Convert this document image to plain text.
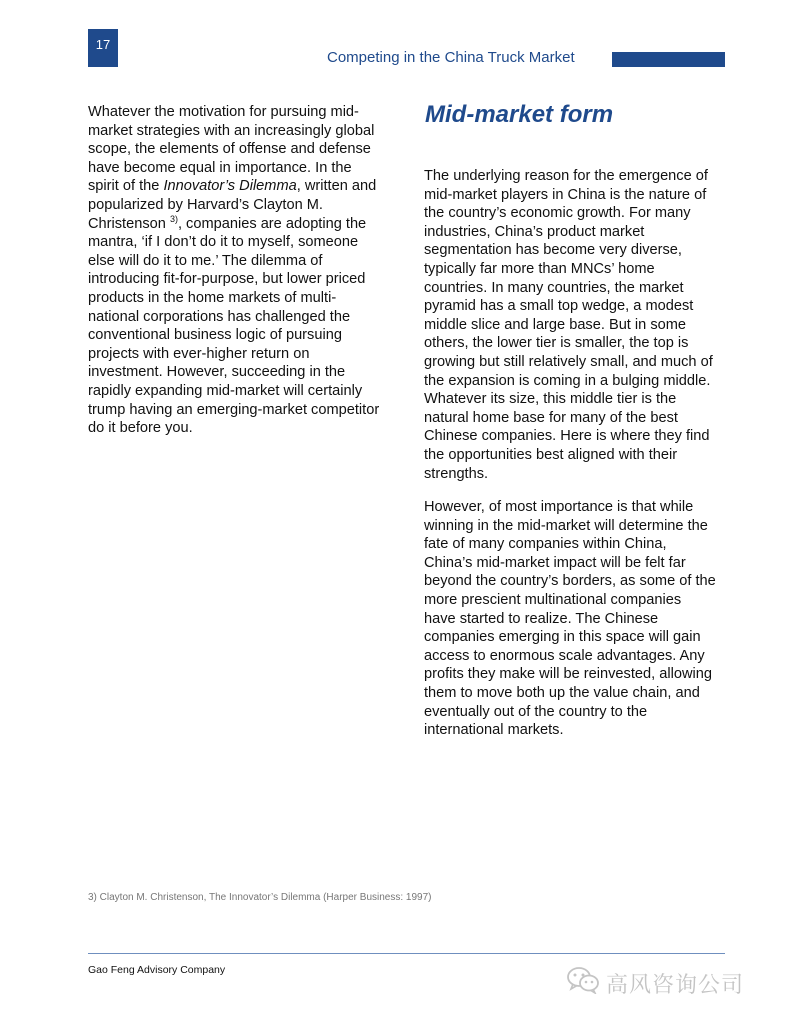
17
Competing in the China Truck Market

Whatever the motivation for pursuing mid-market strategies with an increasingly global scope, the elements of offense and defense have become equal in importance. In the spirit of the Innovator’s Dilemma, written and popularized by Harvard’s Clayton M. Christenson $^{3)}$, companies are adopting the mantra, ‘if I don’t do it to myself, someone else will do it to me.’ The dilemma of introducing fit-for-purpose, but lower priced products in the home markets of multi-national corporations has challenged the conventional business logic of pursuing projects with ever-higher return on investment. However, succeeding in the rapidly expanding mid-market will certainly trump having an emerging-market competitor do it before you.

Mid-market form

The underlying reason for the emergence of mid-market players in China is the nature of the country’s economic growth. For many industries, China’s product market segmentation has become very diverse, typically far more than MNCs’ home countries. In many countries, the market pyramid has a small top wedge, a modest middle slice and large base. But in some others, the lower tier is smaller, the top is growing but still relatively small, and much of the expansion is coming in a bulging middle. Whatever its size, this middle tier is the natural home base for many of the best Chinese companies. Here is where they find the opportunities best aligned with their strengths.

However, of most importance is that while winning in the mid-market will determine the fate of many companies within China, China’s mid-market impact will be felt far beyond the country’s borders, as some of the more prescient multinational companies have started to realize. The Chinese companies emerging in this space will gain access to enormous scale advantages. Any profits they make will be reinvested, allowing them to move both up the value chain, and eventually out of the country to the international markets.

3) Clayton M. Christenson, The Innovator’s Dilemma (Harper Business: 1997)
Gao Feng Advisory Company
高风咨询公司
